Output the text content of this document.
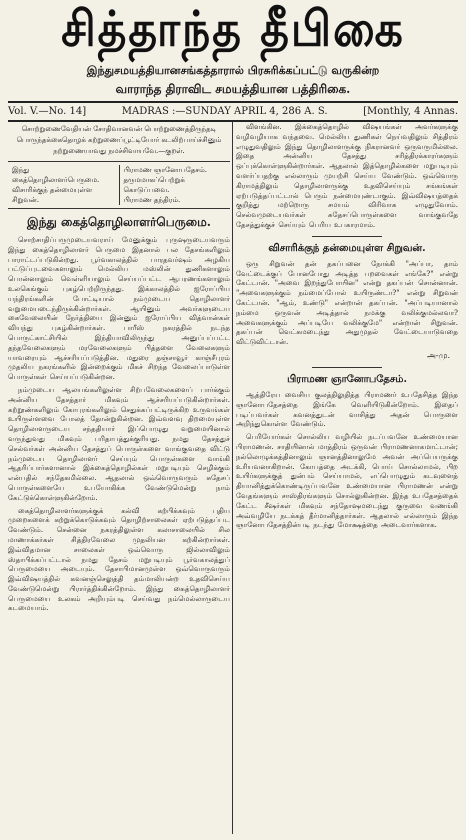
சித்தாந்த தீபிகை
இந்துசமயத்தியானசங்கத்தாரால் பிரசுரிக்கப்பட்டு வருகின்ற
வாராந்த திராவிட சமயத்தியான பத்திரிகை.
Vol. V.—No. 14]	MADRAS :—SUNDAY APRIL 4, 286 A. S.	[Monthly, 4 Annas.
சொற்றுணைவேதியன் சோதிவானவன் பொற்றுணைத்திருந்தடி பொருந்தக்கைதொழக் கற்றுணைப்பூட்டியோர் கடலிற்பாய்ச்சினும் நற்றுணையாவது நமச்சிவாயவே.—குறள்.
இந்து கைத்தொழிலாளர்பெருமை.
விசாரிக்குந் தன்மையுள்ள சிறுவன்.
பிராமண ஞானோபதேசம்.
தருமமாகப்பெற்றுக் கொடுப்பவை.
பிராமண தந்திரம்.
இந்து கைத்தொழிலாளர்பெருமை.

சொற்சாதிப்பருமுடையவராய் மேனுக்கும் புருஷருடையவரும் இந்து கைத்தொழிலாளர் பெருமை இதனால் பல தேசங்களிலும் பாராட்டப்படுகின்றது. பூர்வகாலத்தில் பாரதவர்ஷம் அழகிய பட்டுப்புடவைகளாலும் மெல்லிய மஸ்லின் துணிகளாலும் பொன்னாலும் வெள்ளியாலும் செய்யப்பட்ட ஆபரணங்களாலும் உலகெங்கும் புகழ்பெற்றிருந்தது. இக்காலத்தில் ஐரோப்பிய யந்திரங்களின் போட்டியால் நம்முடைய தொழிலாளர் வறுமையடைந்திருக்கின்றார்கள். ஆயினும் அவர்களுடைய கைவேலையின் நேர்த்தியை இன்னும் ஐரோப்பிய வித்வான்கள் வியந்து புகழ்கின்றார்கள். பாரீஸ் நகரத்தில் நடந்த பொருட்காட்சியில் இந்தியாவிலிருந்து அனுப்பப்பட்ட தந்தவேலைகளும் மரவேலைகளும் பித்தளை வேலைகளும் யாவரையும் ஆச்சரியப்படுத்தின. மதுரை தஞ்சாவூர் காஞ்சீபுரம் முதலிய நகரங்களில் இன்றைக்கும் மிகச் சிறந்த வேலைப்பாடுள்ள பொருள்கள் செய்யப்படுகின்றன.

நம்முடைய ஆலயங்களிலுள்ள சிற்பவேலைகளைப் பார்க்கும் அன்னிய தேசத்தார் மிகவும் ஆச்சரியப்படுகின்றார்கள். கற்றூண்களிலும் கோபுரங்களிலும் செதுக்கப்பட்டிருக்கிற உருவங்கள் உயிருள்ளவை போலத் தோன்றுகின்றன. இவ்வளவு திறமையுள்ள தொழிலாளருடைய சந்ததியார் இப்பொழுது வறுமையினால் வருந்துவது மிகவும் பரிதாபத்துக்குரியது. நமது தேசத்துச் செல்வர்கள் அன்னிய தேசத்துப் பொருள்களை வாங்குவதை விட்டு நம்முடைய தொழிலாளர் செய்யும் பொருள்களை வாங்கி ஆதரிப்பார்களானால் இக்கைத்தொழில்கள் மறுபடியும் செழிக்கும் என்பதில் சந்தேகமில்லை. ஆதலால் ஒவ்வொருவரும் சுதேசப் பொருள்களையே உபயோகிக்க வேண்டுமென்று நாம் கேட்டுக்கொள்ளுகின்றோம்.

கைத்தொழிலாளர்களுக்குக் கல்வி கற்பிக்கவும் புதிய முறைகளைக் கற்றுக்கொடுக்கவும் தொழிற்சாலைகள் ஏற்படுத்தப்பட வேண்டும். சென்னை நகரத்திலுள்ள கலாசாலையில் சில மாணாக்கர்கள் சித்திரவேலை முதலியன கற்கின்றார்கள். இவ்விதமான சாலைகள் ஒவ்வொரு ஜில்லாவிலும் ஸ்தாபிக்கப்பட்டால் நமது தேசம் மறுபடியும் பூர்வகாலத்துப் பெருமையை அடையும். தேசாபிமானமுள்ள ஒவ்வொருவரும் இவ்விஷயத்தில் கவனஞ்செலுத்தி தம்மாலியன்ற உதவிசெய்ய வேண்டுமென்று பிரார்த்திக்கின்றோம். இந்து கைத்தொழிலாளர் பெருமையை உலகம் அறியும்படி செய்வது நம்மெல்லாருடைய கடமையாம்.

விளங்கின. இக்கைத்தொழில் விஷயங்கள் அவர்களுக்கு வழிவழியாக வந்தவை. மெல்லிய துணிகள் நெய்வதிலும் சித்திரம் எழுதுவதிலும் இந்து தொழிலாளருக்கு நிகரானவர் ஒருவருமில்லை. இதை அன்னிய தேசத்து சரித்திரக்காரர்களும் ஒப்புக்கொள்ளுகின்றார்கள். ஆதலால் இத்தொழில்களை மறுபடியும் வளர்ப்பதற்கு எல்லாரும் முயற்சி செய்ய வேண்டும். ஒவ்வொரு கிராமத்திலும் தொழிலாளருக்கு உதவிசெய்யும் சங்கங்கள் ஏற்படுத்தப்பட்டால் பெரும் நன்மையுண்டாகும். இவ்விஷயத்தைக் குறித்து மற்றொரு சமயம் விரிவாக எழுதுவோம். செல்வமுடையவர்கள் சுதேசப்பொருள்களை வாங்குவதே தேசத்துக்குச் செய்யும் பெரிய உபகாரமாம்.

விசாரிக்குந் தன்மையுள்ள சிறுவன்.

ஒரு சிறுவன் தன் தகப்பனை நோக்கி "அப்பா, தாம் வேட்டைக்குப் போனபோது அடித்த பறவைகள் எங்கே?" என்று கேட்டான். "அவை இறந்துபோயின" என்று தகப்பன் சொன்னான். "அவைகளுக்கும் நம்மைப்போல் உயிருண்டா?" என்று சிறுவன் கேட்டான். "ஆம், உண்டு" என்றான் தகப்பன். "அப்படியானால் நம்மை ஒருவன் அடித்தால் நமக்கு வலிக்குமல்லவா? அவைகளுக்கும் அப்படியே வலிக்குமே" என்றான் சிறுவன். தகப்பன் வெட்கமடைந்து அதுமுதல் வேட்டையாடுவதை விட்டுவிட்டான்.

அ-மு.
பிராமண ஞானோபதேசம்.

ஆத்திரேய வைசிய குலத்திலுதித்த பிராமணர் உபதேசித்த இந்த ஞானோபதேசத்தை இங்கே வெளியிடுகின்றோம். இதைப் படிப்பவர்கள் கவனத்துடன் வாசித்து அதன் பொருளை அறிந்துகொள்ள வேண்டும்.

பெரியோர்கள் சொல்லிய வழியில் நடப்பவனே உண்மையான பிராமணன். சாதியினால் மாத்திரம் ஒருவன் பிராமணனாகமாட்டான்; நல்லொழுக்கத்தினாலும் ஞானத்தினாலுமே அவன் அப்பெயருக்கு உரியவனாகிறான். கோபத்தை அடக்கி, பொய் சொல்லாமல், பிற உயிர்களுக்குத் துன்பம் செய்யாமல், எப்பொழுதும் கடவுளைத் தியானித்துக்கொண்டிருப்பவனே உண்மையான பிராமணன் என்று வேதங்களும் சாஸ்திரங்களும் சொல்லுகின்றன. இந்த உபதேசத்தைக் கேட்ட சீஷர்கள் மிகவும் சந்தோஷமடைந்து குருவை வணங்கி அவ்வழியே நடக்கத் தீர்மானித்தார்கள். ஆதலால் எல்லாரும் இந்த ஞானோபதேசத்தின்படி நடந்து மோக்ஷத்தை அடைவார்களாக.
